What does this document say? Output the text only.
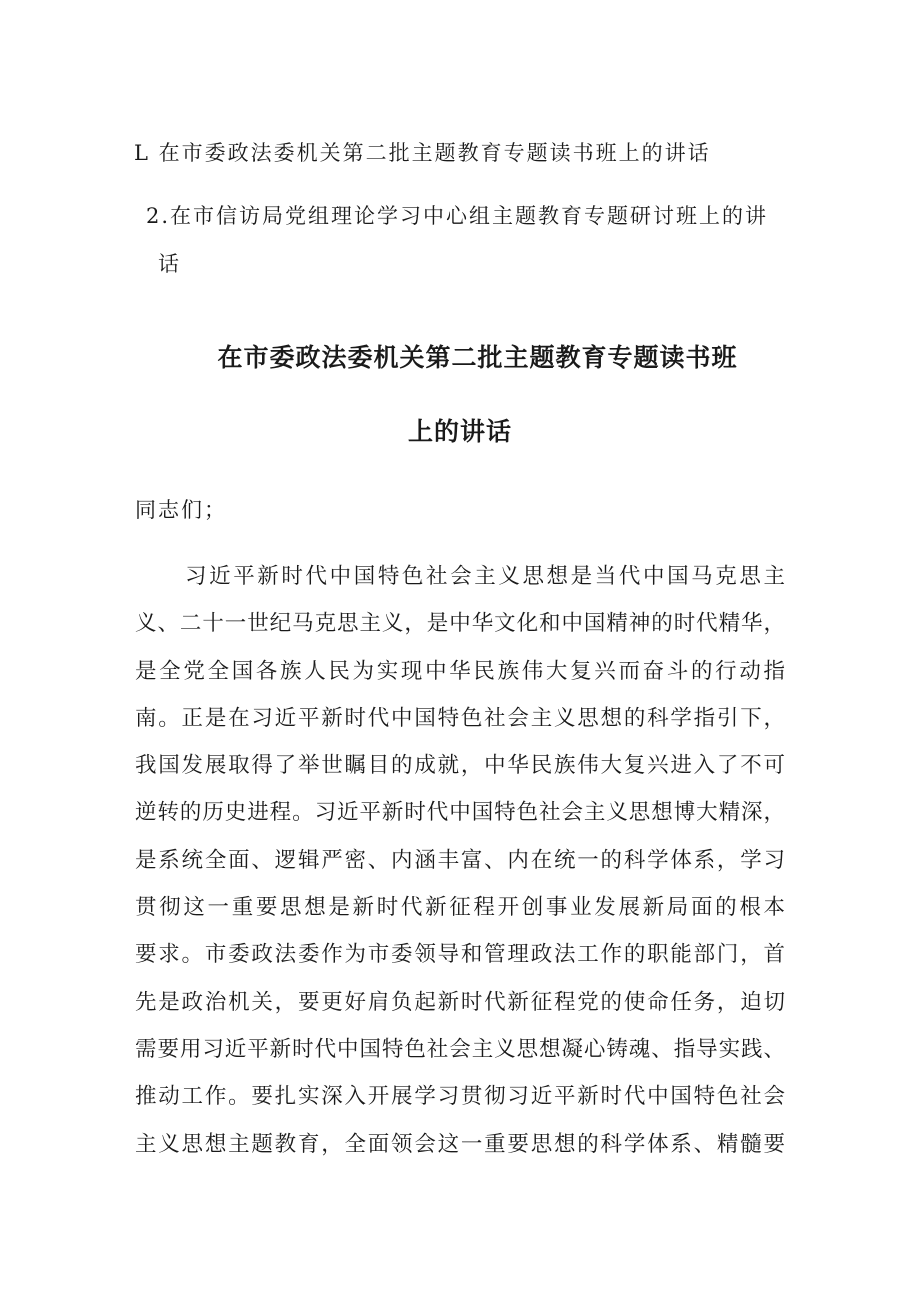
L 在市委政法委机关第二批主题教育专题读书班上的讲话
2.在市信访局党组理论学习中心组主题教育专题研讨班上的讲
话
在市委政法委机关第二批主题教育专题读书班
上的讲话
同志们；
习近平新时代中国特色社会主义思想是当代中国马克思主
义、二十一世纪马克思主义，是中华文化和中国精神的时代精华，
是全党全国各族人民为实现中华民族伟大复兴而奋斗的行动指
南。正是在习近平新时代中国特色社会主义思想的科学指引下，
我国发展取得了举世瞩目的成就，中华民族伟大复兴进入了不可
逆转的历史进程。习近平新时代中国特色社会主义思想博大精深，
是系统全面、逻辑严密、内涵丰富、内在统一的科学体系，学习
贯彻这一重要思想是新时代新征程开创事业发展新局面的根本
要求。市委政法委作为市委领导和管理政法工作的职能部门，首
先是政治机关，要更好肩负起新时代新征程党的使命任务，迫切
需要用习近平新时代中国特色社会主义思想凝心铸魂、指导实践、
推动工作。要扎实深入开展学习贯彻习近平新时代中国特色社会
主义思想主题教育，全面领会这一重要思想的科学体系、精髓要
